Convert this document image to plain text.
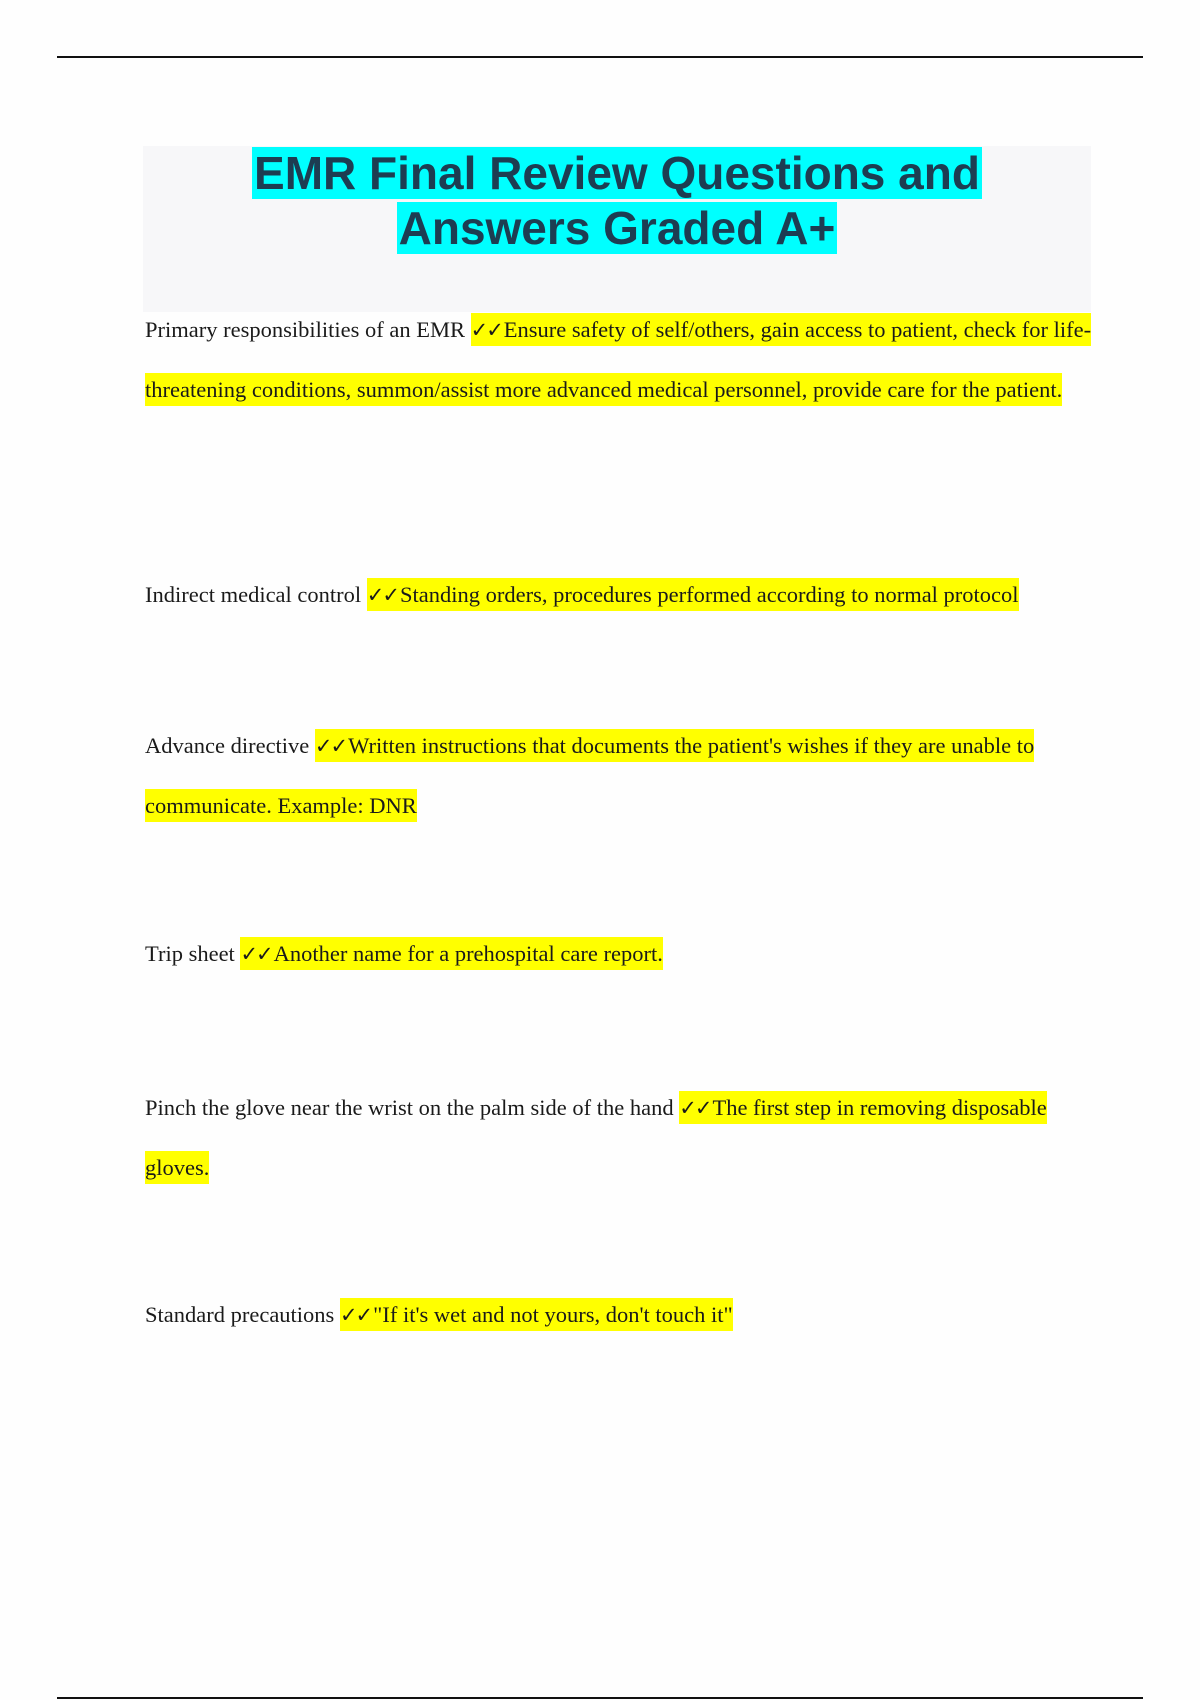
EMR Final Review Questions and
Answers Graded A+

Primary responsibilities of an EMR ✓✓Ensure safety of self/others, gain access to patient, check for life-threatening conditions, summon/assist more advanced medical personnel, provide care for the patient.

Indirect medical control ✓✓Standing orders, procedures performed according to normal protocol

Advance directive ✓✓Written instructions that documents the patient's wishes if they are unable to communicate. Example: DNR

Trip sheet ✓✓Another name for a prehospital care report.

Pinch the glove near the wrist on the palm side of the hand ✓✓The first step in removing disposable gloves.

Standard precautions ✓✓"If it's wet and not yours, don't touch it"
